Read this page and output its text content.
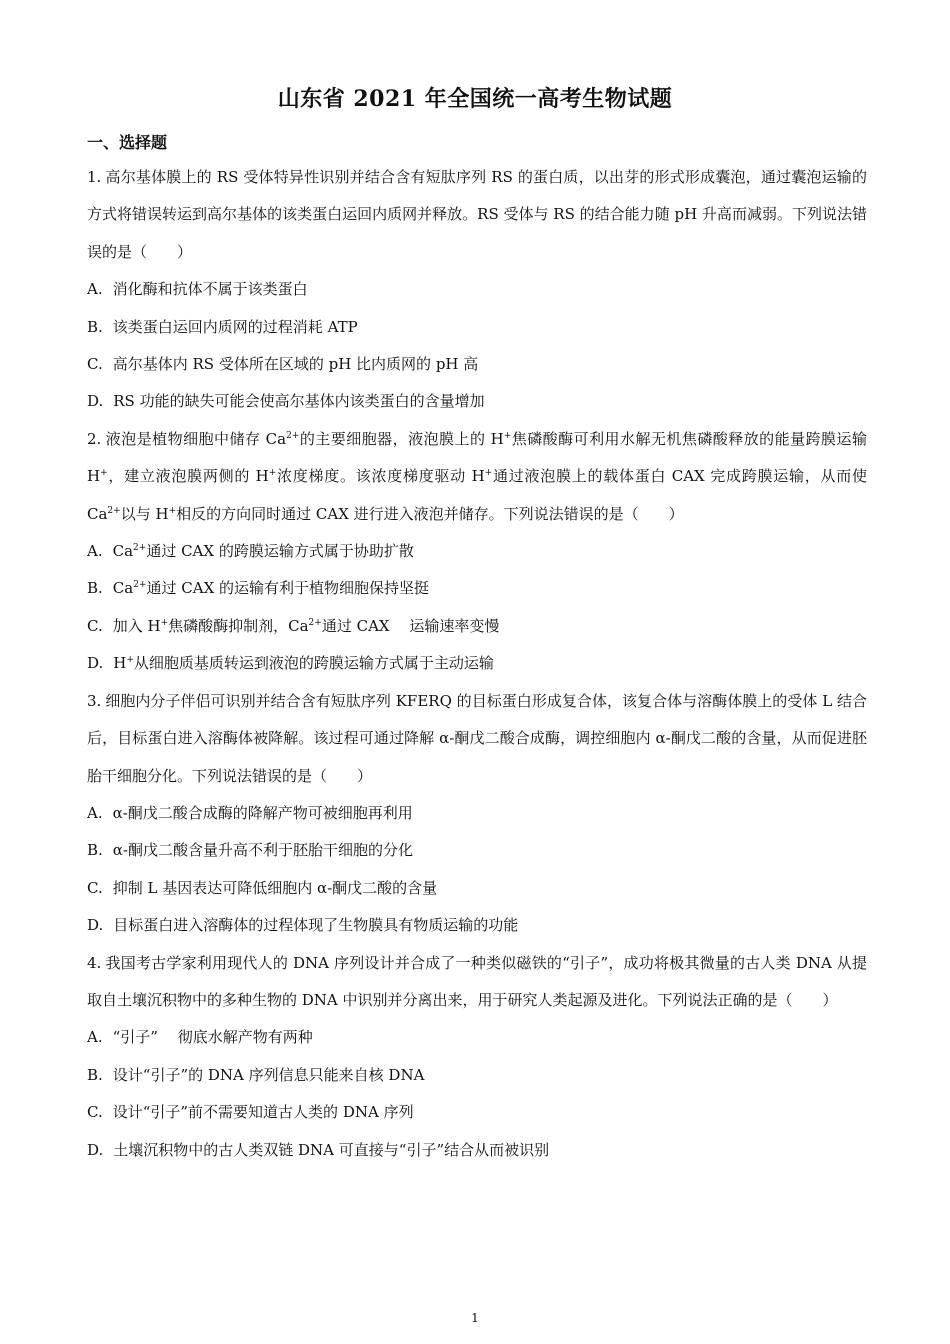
山东省 2021 年全国统一高考生物试题
一、选择题

1. 高尔基体膜上的 RS 受体特异性识别并结合含有短肽序列 RS 的蛋白质，以出芽的形式形成囊泡，通过囊泡运输的方式将错误转运到高尔基体的该类蛋白运回内质网并释放。RS 受体与 RS 的结合能力随 pH 升高而减弱。下列说法错误的是（　　）

A. 消化酶和抗体不属于该类蛋白

B. 该类蛋白运回内质网的过程消耗 ATP

C. 高尔基体内 RS 受体所在区域的 pH 比内质网的 pH 高

D. RS 功能的缺失可能会使高尔基体内该类蛋白的含量增加

2. 液泡是植物细胞中储存 $Ca^{2+}$的主要细胞器，液泡膜上的 H+焦磷酸酶可利用水解无机焦磷酸释放的能量跨膜运输 H+，建立液泡膜两侧的 H+浓度梯度。该浓度梯度驱动 H+通过液泡膜上的载体蛋白 CAX 完成跨膜运输，从而使 $Ca^{2+}$以与 H+相反的方向同时通过 CAX 进行进入液泡并储存。下列说法错误的是（　　）

A. $Ca^{2+}$通过 CAX 的跨膜运输方式属于协助扩散

B. $Ca^{2+}$通过 CAX 的运输有利于植物细胞保持坚挺

C. 加入 H+焦磷酸酶抑制剂，$Ca^{2+}$通过 CAX　 运输速率变慢

D. H+从细胞质基质转运到液泡的跨膜运输方式属于主动运输

3. 细胞内分子伴侣可识别并结合含有短肽序列 KFERQ 的目标蛋白形成复合体，该复合体与溶酶体膜上的受体 L 结合后，目标蛋白进入溶酶体被降解。该过程可通过降解 α-酮戊二酸合成酶，调控细胞内 α-酮戊二酸的含量，从而促进胚胎干细胞分化。下列说法错误的是（　　）

A. α-酮戊二酸合成酶的降解产物可被细胞再利用

B. α-酮戊二酸含量升高不利于胚胎干细胞的分化

C. 抑制 L 基因表达可降低细胞内 α-酮戊二酸的含量

D. 目标蛋白进入溶酶体的过程体现了生物膜具有物质运输的功能

4. 我国考古学家利用现代人的 DNA 序列设计并合成了一种类似磁铁的“引子”，成功将极其微量的古人类 DNA 从提取自土壤沉积物中的多种生物的 DNA 中识别并分离出来，用于研究人类起源及进化。下列说法正确的是（　　）

A. “引子”　 彻底水解产物有两种

B. 设计“引子”的 DNA 序列信息只能来自核 DNA

C. 设计“引子”前不需要知道古人类的 DNA 序列

D. 土壤沉积物中的古人类双链 DNA 可直接与“引子”结合从而被识别

1
